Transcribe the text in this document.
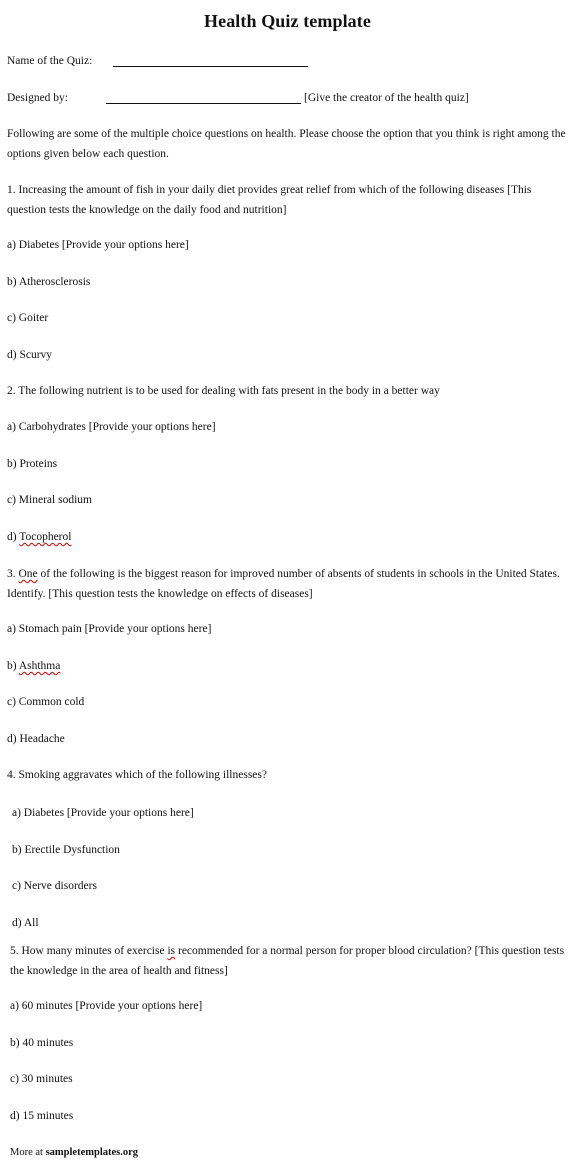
Health Quiz template
Name of the Quiz:
Designed by:	[Give the creator of the health quiz]
Following are some of the multiple choice questions on health. Please choose the option that you think is right among the options given below each question.
1. Increasing the amount of fish in your daily diet provides great relief from which of the following diseases [This question tests the knowledge on the daily food and nutrition]
a) Diabetes [Provide your options here]
b) Atherosclerosis
c) Goiter
d) Scurvy
2. The following nutrient is to be used for dealing with fats present in the body in a better way
a) Carbohydrates [Provide your options here]
b) Proteins
c) Mineral sodium
d) Tocopherol
3. One of the following is the biggest reason for improved number of absents of students in schools in the United States. Identify. [This question tests the knowledge on effects of diseases]
a) Stomach pain [Provide your options here]
b) Ashthma
c) Common cold
d) Headache
4. Smoking aggravates which of the following illnesses?
a) Diabetes [Provide your options here]
b) Erectile Dysfunction
c) Nerve disorders
d) All
5. How many minutes of exercise is recommended for a normal person for proper blood circulation? [This question tests the knowledge in the area of health and fitness]
a) 60 minutes [Provide your options here]
b) 40 minutes
c) 30 minutes
d) 15 minutes
More at sampletemplates.org
